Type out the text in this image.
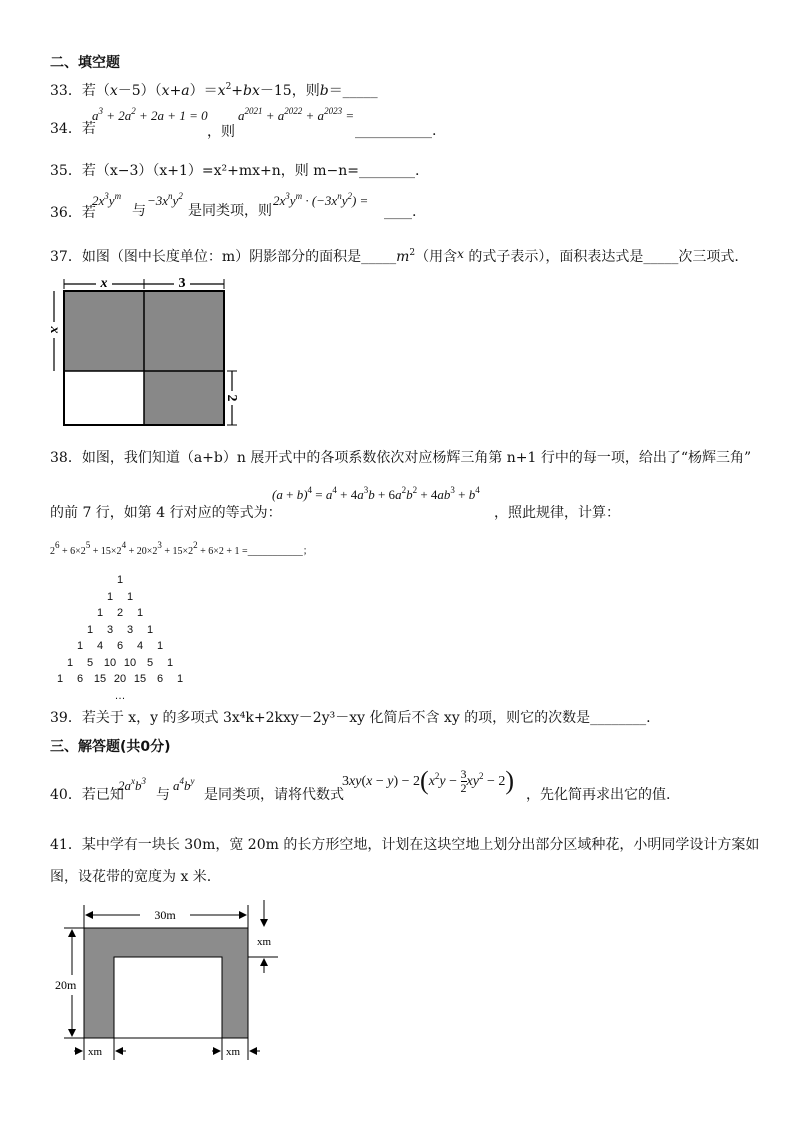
二、填空题
33．若$(x-5)(x+a)=x^2+bx-15$，则b＝_____
34．若
$a^3 + 2a^2 + 2a + 1 = 0$
，则
$a^{2021} + a^{2022} + a^{2023}$ =
___________.
35．若（x−3）（x+1）=x²+mx+n，则 m−n=________.
36．若
$2x^3y^m$
与
$-3x^ny^2$
是同类项，则
$2x^3y^m \cdot (-3x^ny^2)$ =
____.
37．如图（图中长度单位：m）阴影部分的面积是$\_\_\_\_\_m^2$（用含x 的式子表示），面积表达式是_____次三项式.
x	3
x
2
38．如图，我们知道（a+b）n 展开式中的各项系数依次对应杨辉三角第 n+1 行中的每一项，给出了“杨辉三角”
的前 7 行，如第 4 行对应的等式为：
$(a + b)^4 = a^4 + 4a^3b + 6a^2b^2 + 4ab^3 + b^4$
，照此规律，计算：
$2^6 + 6\times 2^5 + 15\times 2^4 + 20\times 2^3 + 15\times 2^2 + 6\times 2 + 1$ =___________；
1
1 1
1 2 1
1 3 3 1
1 4 6 4 1
1 5 10 10 5 1
1 6 15 20 15 6 1
…
39．若关于 x，y 的多项式 3x⁴k+2kxy－2y³－xy 化简后不含 xy 的项，则它的次数是________.
三、解答题(共0分)
40．若已知
$2a^xb^3$
与
$a^4b^y$
是同类项，请将代数式
$3xy(x - y) - 2(x^2y - \frac{3}{2} xy^2 - 2)$ ，先化简再求出它的值.
41．某中学有一块长 30m，宽 20m 的长方形空地，计划在这块空地上划分出部分区域种花，小明同学设计方案如
图，设花带的宽度为 x 米.
30m
20m
xm
xm	xm
